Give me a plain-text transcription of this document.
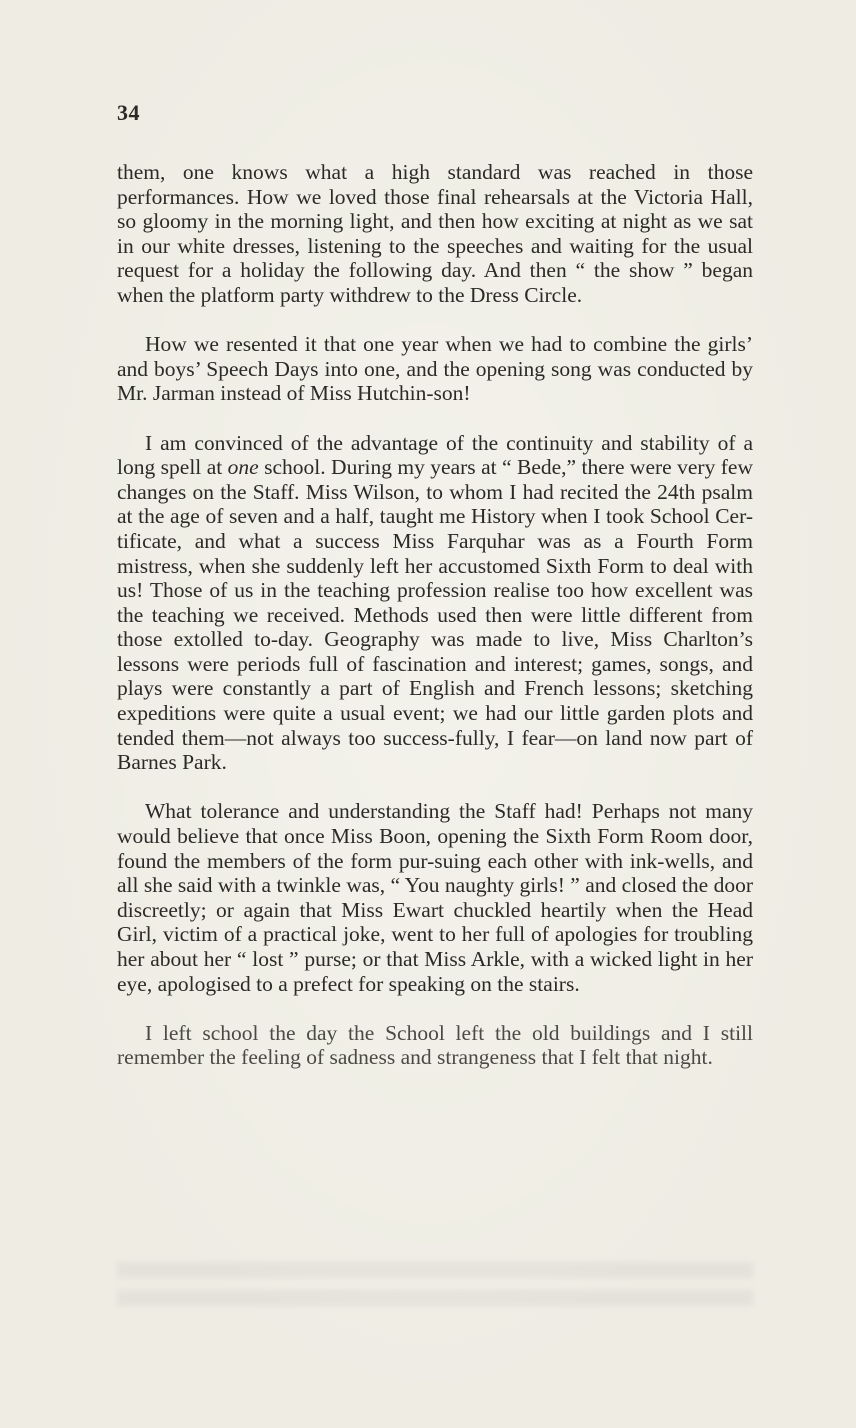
34

them, one knows what a high standard was reached in those performances. How we loved those final rehearsals at the Victoria Hall, so gloomy in the morning light, and then how exciting at night as we sat in our white dresses, listening to the speeches and waiting for the usual request for a holiday the following day. And then “ the show ” began when the platform party withdrew to the Dress Circle.

How we resented it that one year when we had to combine the girls’ and boys’ Speech Days into one, and the opening song was conducted by Mr. Jarman instead of Miss Hutchin-son!

I am convinced of the advantage of the continuity and stability of a long spell at one school. During my years at “ Bede,” there were very few changes on the Staff. Miss Wilson, to whom I had recited the 24th psalm at the age of seven and a half, taught me History when I took School Cer-tificate, and what a success Miss Farquhar was as a Fourth Form mistress, when she suddenly left her accustomed Sixth Form to deal with us! Those of us in the teaching profession realise too how excellent was the teaching we received. Methods used then were little different from those extolled to-day. Geography was made to live, Miss Charlton’s lessons were periods full of fascination and interest; games, songs, and plays were constantly a part of English and French lessons; sketching expeditions were quite a usual event; we had our little garden plots and tended them—not always too success-fully, I fear—on land now part of Barnes Park.

What tolerance and understanding the Staff had! Perhaps not many would believe that once Miss Boon, opening the Sixth Form Room door, found the members of the form pur-suing each other with ink-wells, and all she said with a twinkle was, “ You naughty girls! ” and closed the door discreetly; or again that Miss Ewart chuckled heartily when the Head Girl, victim of a practical joke, went to her full of apologies for troubling her about her “ lost ” purse; or that Miss Arkle, with a wicked light in her eye, apologised to a prefect for speaking on the stairs.

I left school the day the School left the old buildings and I still remember the feeling of sadness and strangeness that I felt that night.
